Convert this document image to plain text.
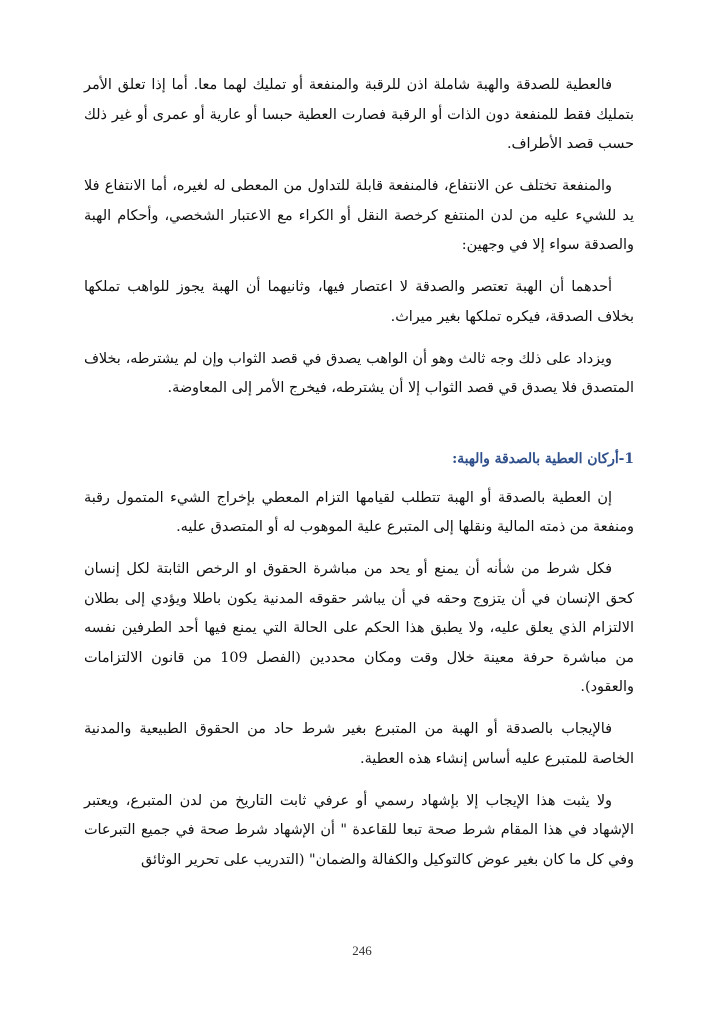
فالعطية للصدقة والهبة شاملة اذن للرقبة والمنفعة أو تمليك لهما معا. أما إذا تعلق الأمر بتمليك فقط للمنفعة دون الذات أو الرقبة فصارت العطية حبسا أو عارية أو عمرى أو غير ذلك حسب قصد الأطراف.

والمنفعة تختلف عن الانتفاع، فالمنفعة قابلة للتداول من المعطى له لغيره، أما الانتفاع فلا يد للشيء عليه من لدن المنتفع كرخصة النقل أو الكراء مع الاعتبار الشخصي، وأحكام الهبة والصدقة سواء إلا في وجهين:

أحدهما أن الهبة تعتصر والصدقة لا اعتصار فيها، وثانيهما أن الهبة يجوز للواهب تملكها بخلاف الصدقة، فيكره تملكها بغير ميراث.

ويزداد على ذلك وجه ثالث وهو أن الواهب يصدق في قصد الثواب وإن لم يشترطه، بخلاف المتصدق فلا يصدق قي قصد الثواب إلا أن يشترطه، فيخرج الأمر إلى المعاوضة.

1-أركان العطية بالصدقة والهبة:

إن العطية بالصدقة أو الهبة تتطلب لقيامها التزام المعطي بإخراج الشيء المتمول رقبة ومنفعة من ذمته المالية ونقلها إلى المتبرع علية الموهوب له أو المتصدق عليه.

فكل شرط من شأنه أن يمنع أو يحد من مباشرة الحقوق او الرخص الثابتة لكل إنسان كحق الإنسان في أن يتزوج وحقه في أن يباشر حقوقه المدنية يكون باطلا ويؤدي إلى بطلان الالتزام الذي يعلق عليه، ولا يطبق هذا الحكم على الحالة التي يمنع فيها أحد الطرفين نفسه من مباشرة حرفة معينة خلال وقت ومكان محددين (الفصل 109 من قانون الالتزامات والعقود).

فالإيجاب بالصدقة أو الهبة من المتبرع بغير شرط حاد من الحقوق الطبيعية والمدنية الخاصة للمتبرع عليه أساس إنشاء هذه العطية.

ولا يثبت هذا الإيجاب إلا بإشهاد رسمي أو عرفي ثابت التاريخ من لدن المتبرع، ويعتبر الإشهاد في هذا المقام شرط صحة تبعا للقاعدة " أن الإشهاد شرط صحة في جميع التبرعات وفي كل ما كان بغير عوض كالتوكيل والكفالة والضمان" (التدريب على تحرير الوثائق

246
